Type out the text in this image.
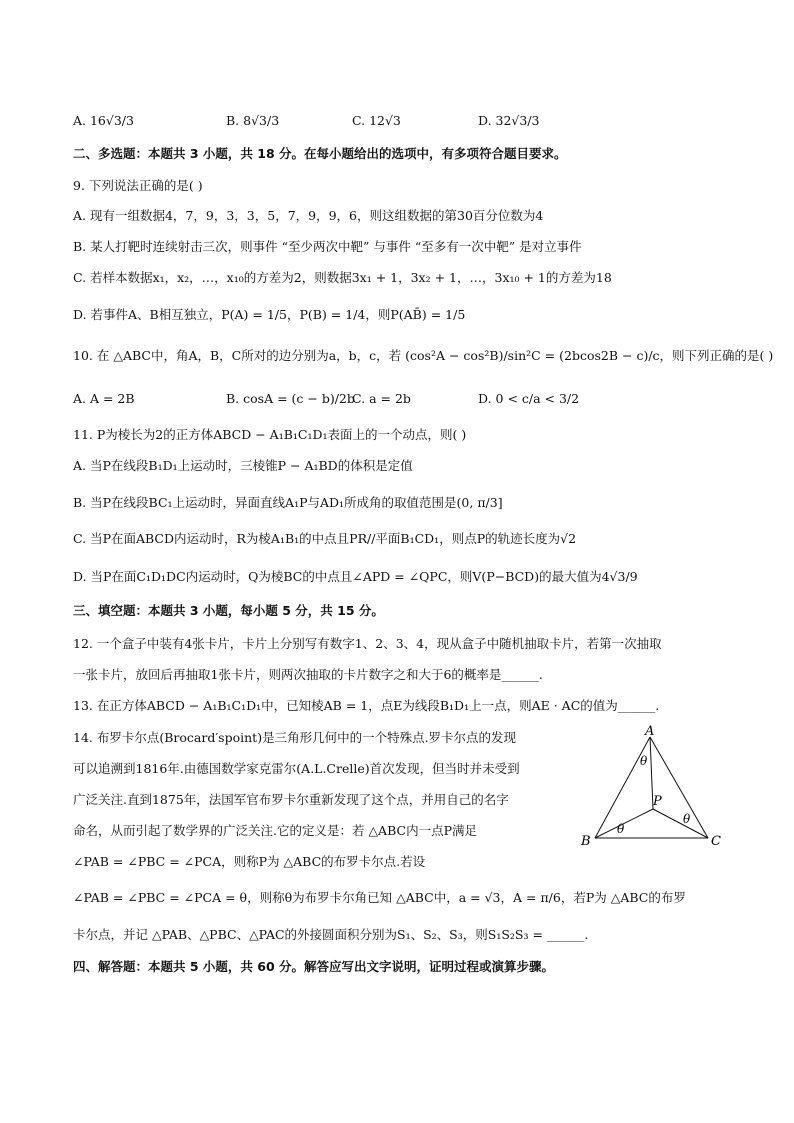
A. 16√3/3	B. 8√3/3	C. 12√3	D. 32√3/3
二、多选题：本题共 3 小题，共 18 分。在每小题给出的选项中，有多项符合题目要求。
9. 下列说法正确的是( )
A. 现有一组数据4，7，9，3，3，5，7，9，9，6，则这组数据的第30百分位数为4
B. 某人打靶时连续射击三次，则事件 “至少两次中靶” 与事件 “至多有一次中靶” 是对立事件
C. 若样本数据x₁，x₂，…，x₁₀的方差为2，则数据3x₁ + 1，3x₂ + 1，…，3x₁₀ + 1的方差为18
D. 若事件A、B相互独立，P(A) = 1/5，P(B) = 1/4，则P(AB̄) = 1/5
10. 在 △ABC中，角A，B，C所对的边分别为a，b，c，若 (cos²A − cos²B)/sin²C = (2bcos2B − c)/c，则下列正确的是( )
A. A = 2B	B. cosA = (c − b)/2b
C. a = 2b	D. 0 < c/a < 3/2
11. P为棱长为2的正方体ABCD − A₁B₁C₁D₁表面上的一个动点，则( )
A. 当P在线段B₁D₁上运动时，三棱锥P − A₁BD的体积是定值
B. 当P在线段BC₁上运动时，异面直线A₁P与AD₁所成角的取值范围是(0, π/3]
C. 当P在面ABCD内运动时，R为棱A₁B₁的中点且PR//平面B₁CD₁，则点P的轨迹长度为√2
D. 当P在面C₁D₁DC内运动时，Q为棱BC的中点且∠APD = ∠QPC，则V(P−BCD)的最大值为4√3/9
三、填空题：本题共 3 小题，每小题 5 分，共 15 分。
12. 一个盒子中装有4张卡片，卡片上分别写有数字1、2、3、4，现从盒子中随机抽取卡片，若第一次抽取
一张卡片，放回后再抽取1张卡片，则两次抽取的卡片数字之和大于6的概率是______.
13. 在正方体ABCD − A₁B₁C₁D₁中，已知棱AB = 1，点E为线段B₁D₁上一点，则AE · AC的值为______.
14. 布罗卡尔点(Brocard′spoint)是三角形几何中的一个特殊点.罗卡尔点的发现
可以追溯到1816年.由德国数学家克雷尔(A.L.Crelle)首次发现，但当时并未受到
广泛关注.直到1875年，法国军官布罗卡尔重新发现了这个点，并用自己的名字
命名，从而引起了数学界的广泛关注.它的定义是：若 △ABC内一点P满足
∠PAB = ∠PBC = ∠PCA，则称P为 △ABC的布罗卡尔点.若设
A
B	C
P
θ
θ
θ
∠PAB = ∠PBC = ∠PCA = θ，则称θ为布罗卡尔角已知 △ABC中，a = √3，A = π/6，若P为 △ABC的布罗
卡尔点，并记 △PAB、△PBC、△PAC的外接圆面积分别为S₁、S₂、S₃，则S₁S₂S₃ = ______.
四、解答题：本题共 5 小题，共 60 分。解答应写出文字说明，证明过程或演算步骤。
